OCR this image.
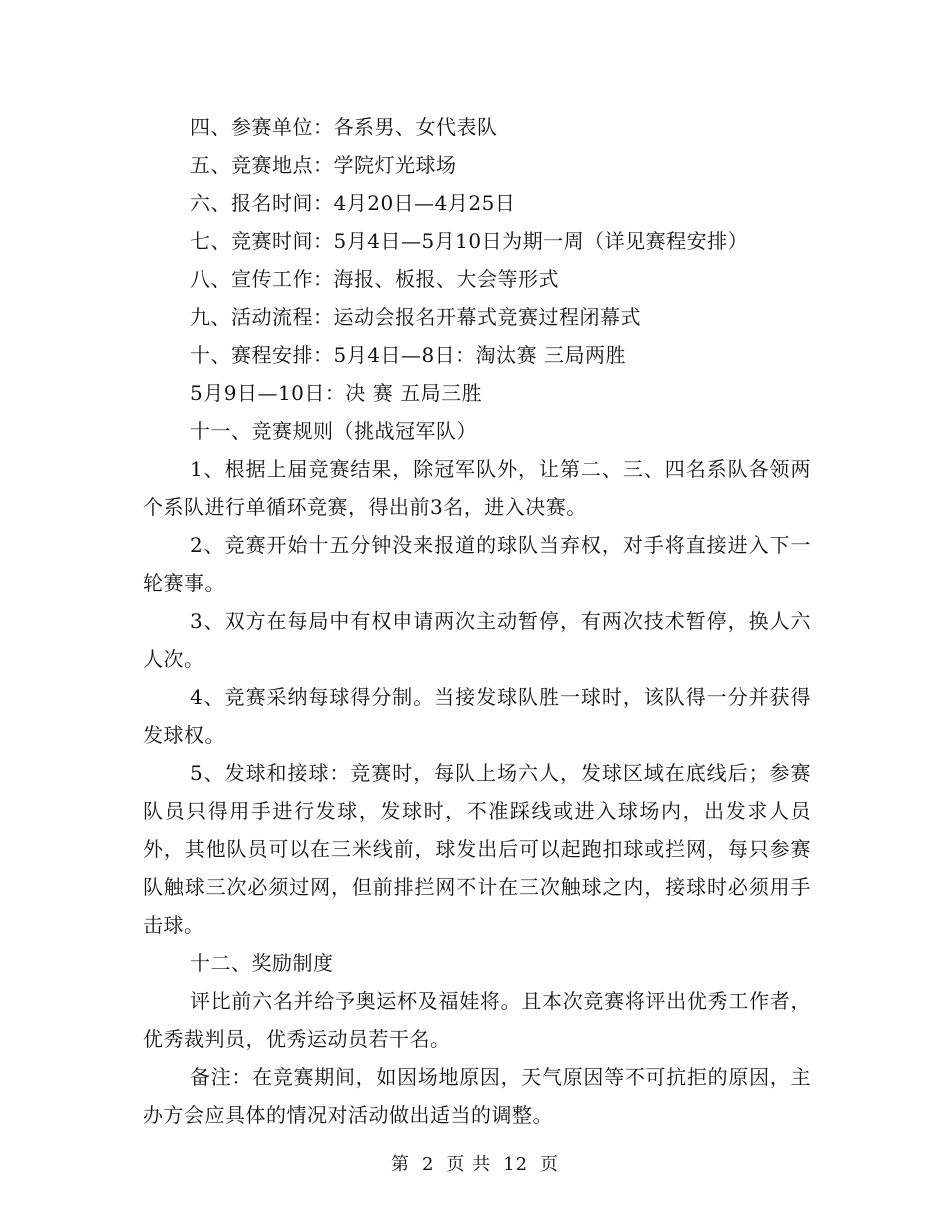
四、参赛单位：各系男、女代表队
五、竞赛地点：学院灯光球场
六、报名时间：4月20日—4月25日
七、竞赛时间：5月4日—5月10日为期一周（详见赛程安排）
八、宣传工作：海报、板报、大会等形式
九、活动流程：运动会报名开幕式竞赛过程闭幕式
十、赛程安排：5月4日—8日：淘汰赛 三局两胜
5月9日—10日：决 赛 五局三胜
十一、竞赛规则（挑战冠军队）
1、根据上届竞赛结果，除冠军队外，让第二、三、四名系队各领两个系队进行单循环竞赛，得出前3名，进入决赛。
2、竞赛开始十五分钟没来报道的球队当弃权，对手将直接进入下一轮赛事。
3、双方在每局中有权申请两次主动暂停，有两次技术暂停，换人六人次。
4、竞赛采纳每球得分制。当接发球队胜一球时，该队得一分并获得发球权。
5、发球和接球：竞赛时，每队上场六人，发球区域在底线后；参赛队员只得用手进行发球，发球时，不准踩线或进入球场内，出发求人员外，其他队员可以在三米线前，球发出后可以起跑扣球或拦网，每只参赛队触球三次必须过网，但前排拦网不计在三次触球之内，接球时必须用手击球。
十二、奖励制度
评比前六名并给予奥运杯及福娃将。且本次竞赛将评出优秀工作者，优秀裁判员，优秀运动员若干名。
备注：在竞赛期间，如因场地原因，天气原因等不可抗拒的原因，主办方会应具体的情况对活动做出适当的调整。
第 2 页 共 12 页
